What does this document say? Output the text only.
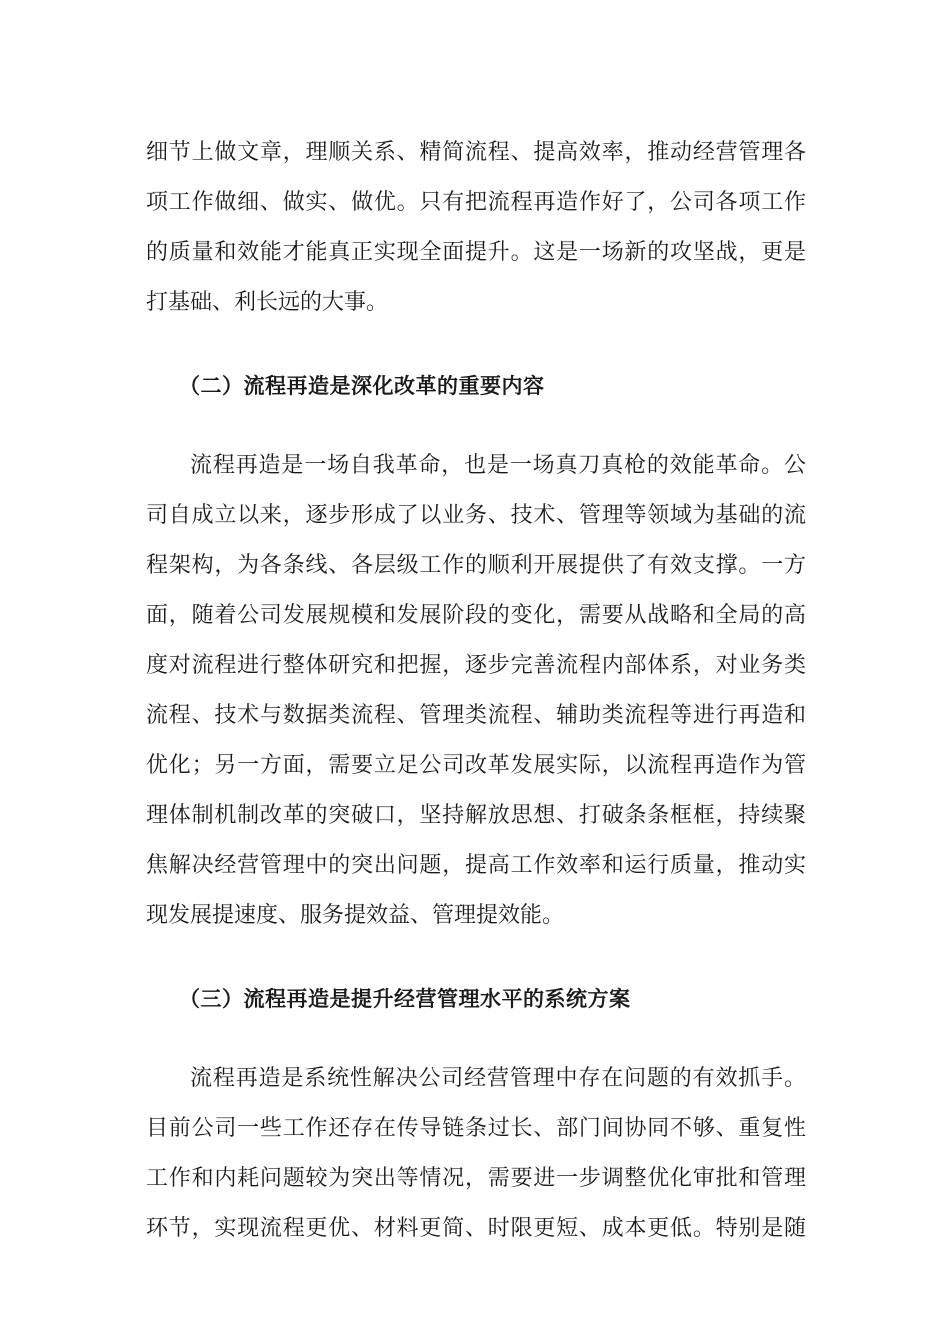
细节上做文章，理顺关系、精简流程、提高效率，推动经营管理各
项工作做细、做实、做优。只有把流程再造作好了，公司各项工作
的质量和效能才能真正实现全面提升。这是一场新的攻坚战，更是
打基础、利长远的大事。
（二）流程再造是深化改革的重要内容
流程再造是一场自我革命，也是一场真刀真枪的效能革命。公
司自成立以来，逐步形成了以业务、技术、管理等领域为基础的流
程架构，为各条线、各层级工作的顺利开展提供了有效支撑。一方
面，随着公司发展规模和发展阶段的变化，需要从战略和全局的高
度对流程进行整体研究和把握，逐步完善流程内部体系，对业务类
流程、技术与数据类流程、管理类流程、辅助类流程等进行再造和
优化；另一方面，需要立足公司改革发展实际，以流程再造作为管
理体制机制改革的突破口，坚持解放思想、打破条条框框，持续聚
焦解决经营管理中的突出问题，提高工作效率和运行质量，推动实
现发展提速度、服务提效益、管理提效能。
（三）流程再造是提升经营管理水平的系统方案
流程再造是系统性解决公司经营管理中存在问题的有效抓手。
目前公司一些工作还存在传导链条过长、部门间协同不够、重复性
工作和内耗问题较为突出等情况，需要进一步调整优化审批和管理
环节，实现流程更优、材料更简、时限更短、成本更低。特别是随
